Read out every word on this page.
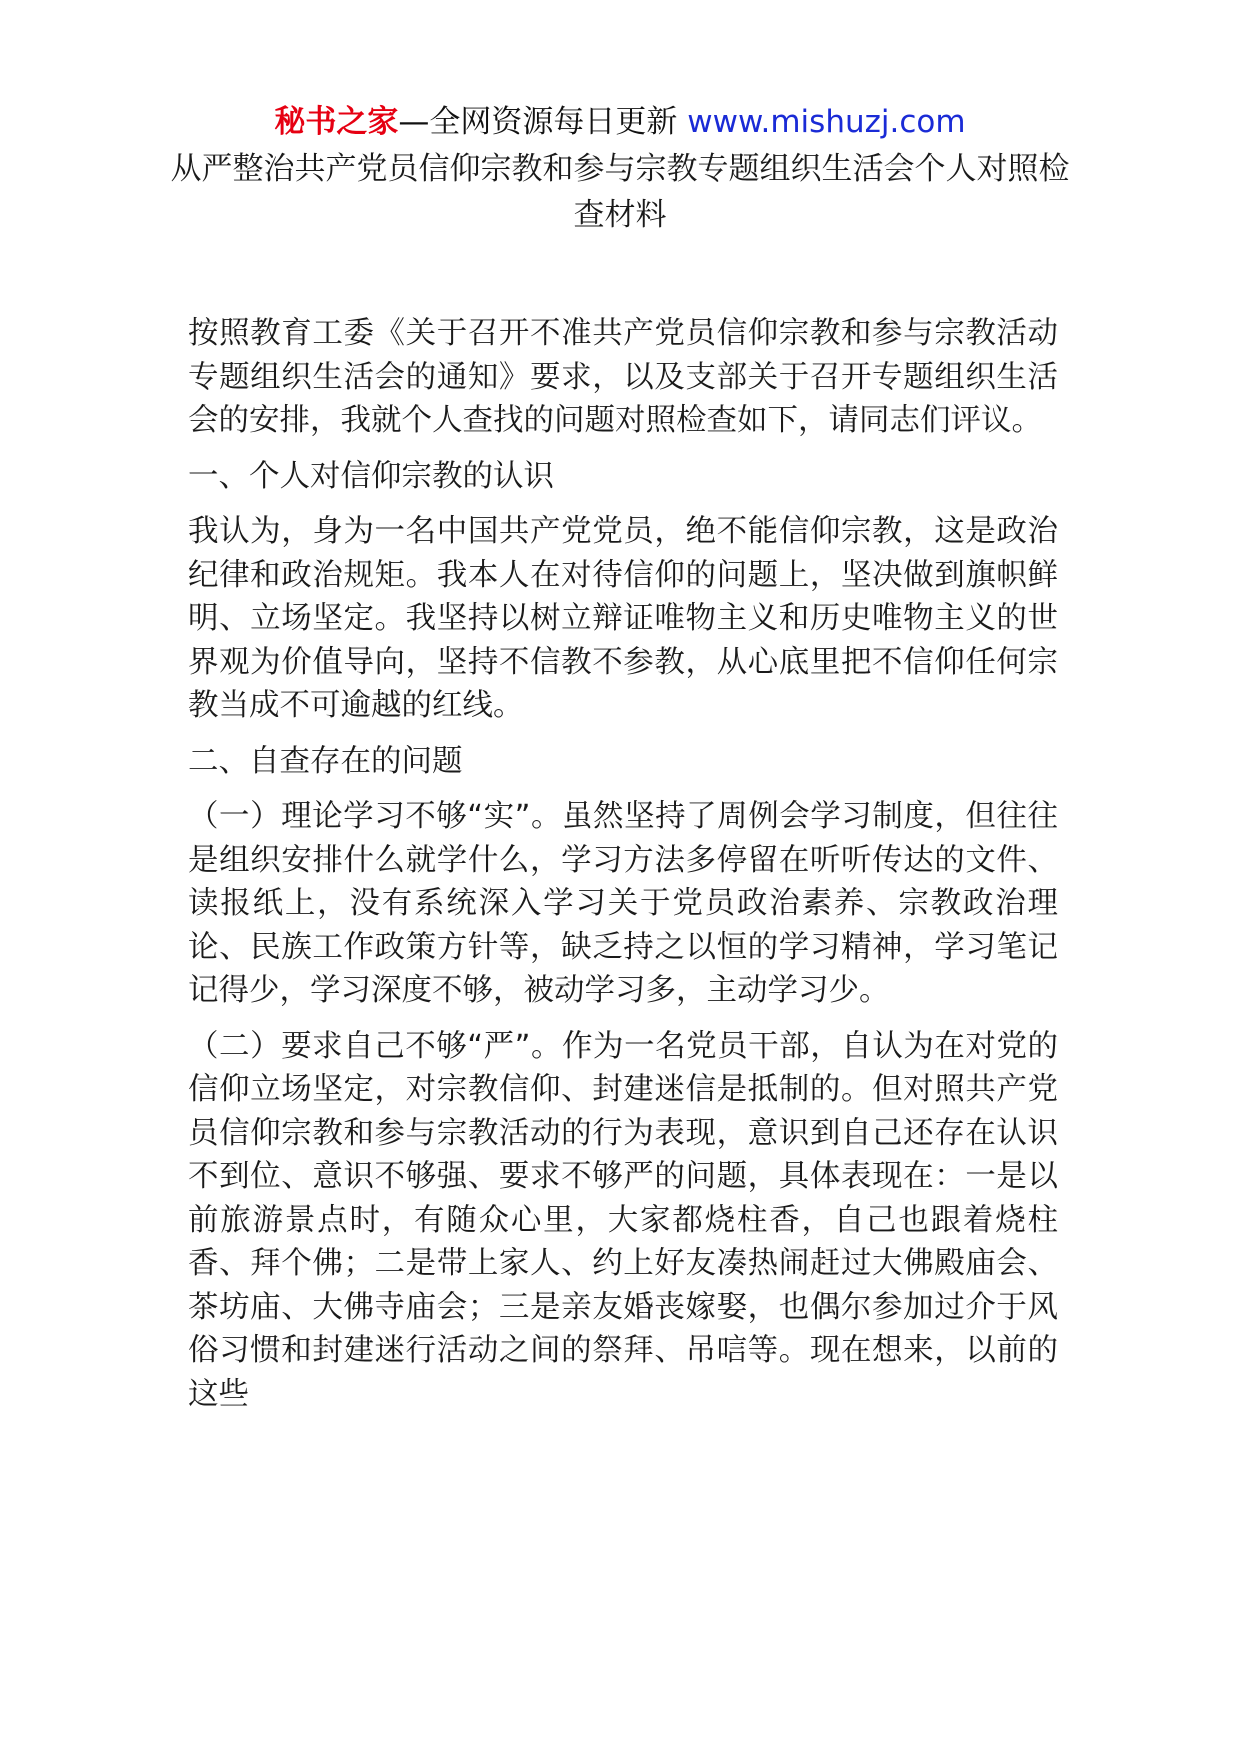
秘书之家—全网资源每日更新 www.mishuzj.com
从严整治共产党员信仰宗教和参与宗教专题组织生活会个人对照检查材料

按照教育工委《关于召开不准共产党员信仰宗教和参与宗教活动专题组织生活会的通知》要求，以及支部关于召开专题组织生活会的安排，我就个人查找的问题对照检查如下，请同志们评议。

一、个人对信仰宗教的认识

我认为，身为一名中国共产党党员，绝不能信仰宗教，这是政治纪律和政治规矩。我本人在对待信仰的问题上，坚决做到旗帜鲜明、立场坚定。我坚持以树立辩证唯物主义和历史唯物主义的世界观为价值导向，坚持不信教不参教，从心底里把不信仰任何宗教当成不可逾越的红线。

二、自查存在的问题

（一）理论学习不够“实”。虽然坚持了周例会学习制度，但往往是组织安排什么就学什么，学习方法多停留在听听传达的文件、读报纸上，没有系统深入学习关于党员政治素养、宗教政治理论、民族工作政策方针等，缺乏持之以恒的学习精神，学习笔记记得少，学习深度不够，被动学习多，主动学习少。

（二）要求自己不够“严”。作为一名党员干部，自认为在对党的信仰立场坚定，对宗教信仰、封建迷信是抵制的。但对照共产党员信仰宗教和参与宗教活动的行为表现，意识到自己还存在认识不到位、意识不够强、要求不够严的问题，具体表现在：一是以前旅游景点时，有随众心里，大家都烧柱香，自己也跟着烧柱香、拜个佛；二是带上家人、约上好友凑热闹赶过大佛殿庙会、茶坊庙、大佛寺庙会；三是亲友婚丧嫁娶，也偶尔参加过介于风俗习惯和封建迷行活动之间的祭拜、吊唁等。现在想来，以前的这些
